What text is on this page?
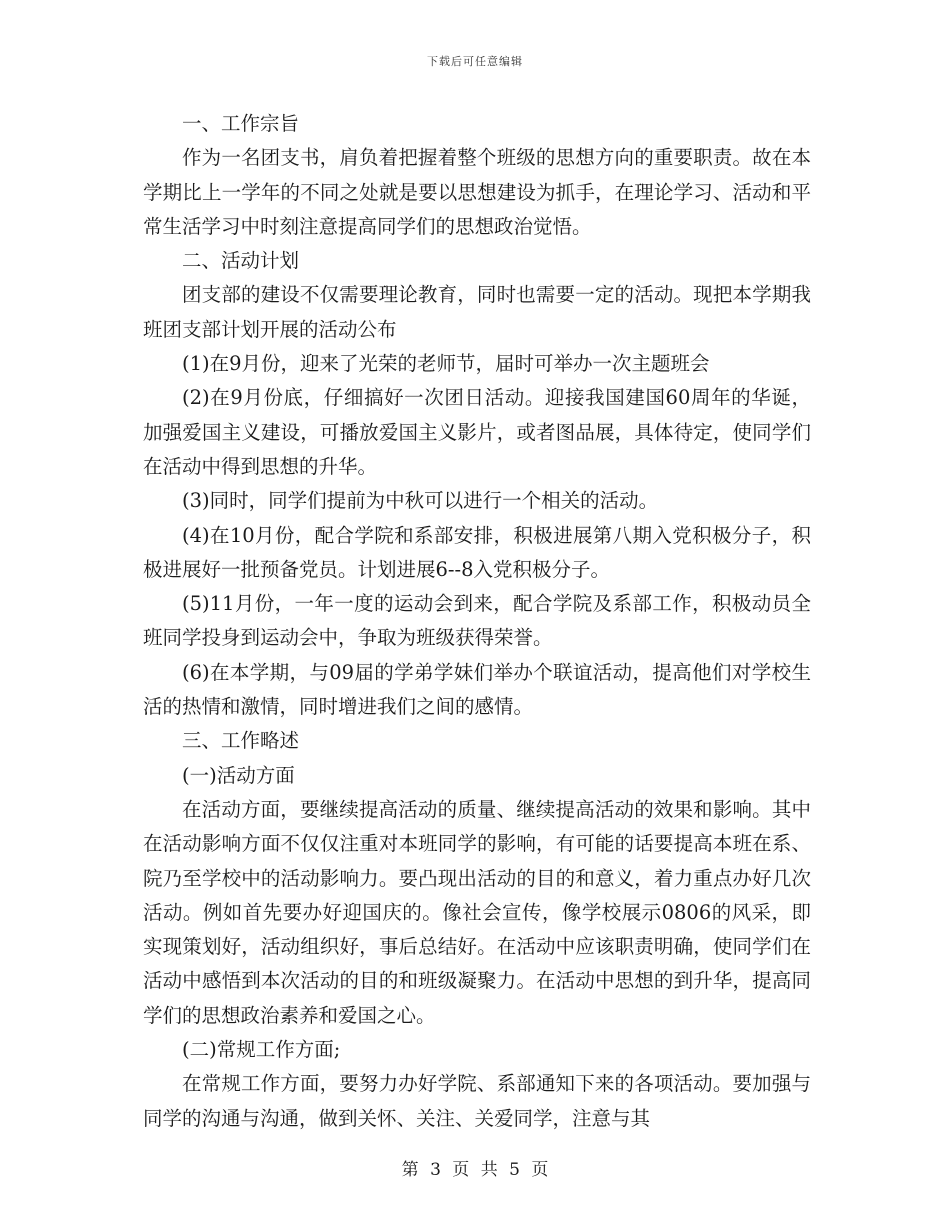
下载后可任意编辑

一、工作宗旨

作为一名团支书，肩负着把握着整个班级的思想方向的重要职责。故在本学期比上一学年的不同之处就是要以思想建设为抓手，在理论学习、活动和平常生活学习中时刻注意提高同学们的思想政治觉悟。

二、活动计划

团支部的建设不仅需要理论教育，同时也需要一定的活动。现把本学期我班团支部计划开展的活动公布

(1)在9月份，迎来了光荣的老师节，届时可举办一次主题班会

(2)在9月份底，仔细搞好一次团日活动。迎接我国建国60周年的华诞，加强爱国主义建设，可播放爱国主义影片，或者图品展，具体待定，使同学们在活动中得到思想的升华。

(3)同时，同学们提前为中秋可以进行一个相关的活动。

(4)在10月份，配合学院和系部安排，积极进展第八期入党积极分子，积极进展好一批预备党员。计划进展6--8入党积极分子。

(5)11月份，一年一度的运动会到来，配合学院及系部工作，积极动员全班同学投身到运动会中，争取为班级获得荣誉。

(6)在本学期，与09届的学弟学妹们举办个联谊活动，提高他们对学校生活的热情和激情，同时增进我们之间的感情。

三、工作略述

(一)活动方面

在活动方面，要继续提高活动的质量、继续提高活动的效果和影响。其中在活动影响方面不仅仅注重对本班同学的影响，有可能的话要提高本班在系、院乃至学校中的活动影响力。要凸现出活动的目的和意义，着力重点办好几次活动。例如首先要办好迎国庆的。像社会宣传，像学校展示0806的风采，即实现策划好，活动组织好，事后总结好。在活动中应该职责明确，使同学们在活动中感悟到本次活动的目的和班级凝聚力。在活动中思想的到升华，提高同学们的思想政治素养和爱国之心。

(二)常规工作方面;

在常规工作方面，要努力办好学院、系部通知下来的各项活动。要加强与同学的沟通与沟通，做到关怀、关注、关爱同学，注意与其

第 3 页 共 5 页
